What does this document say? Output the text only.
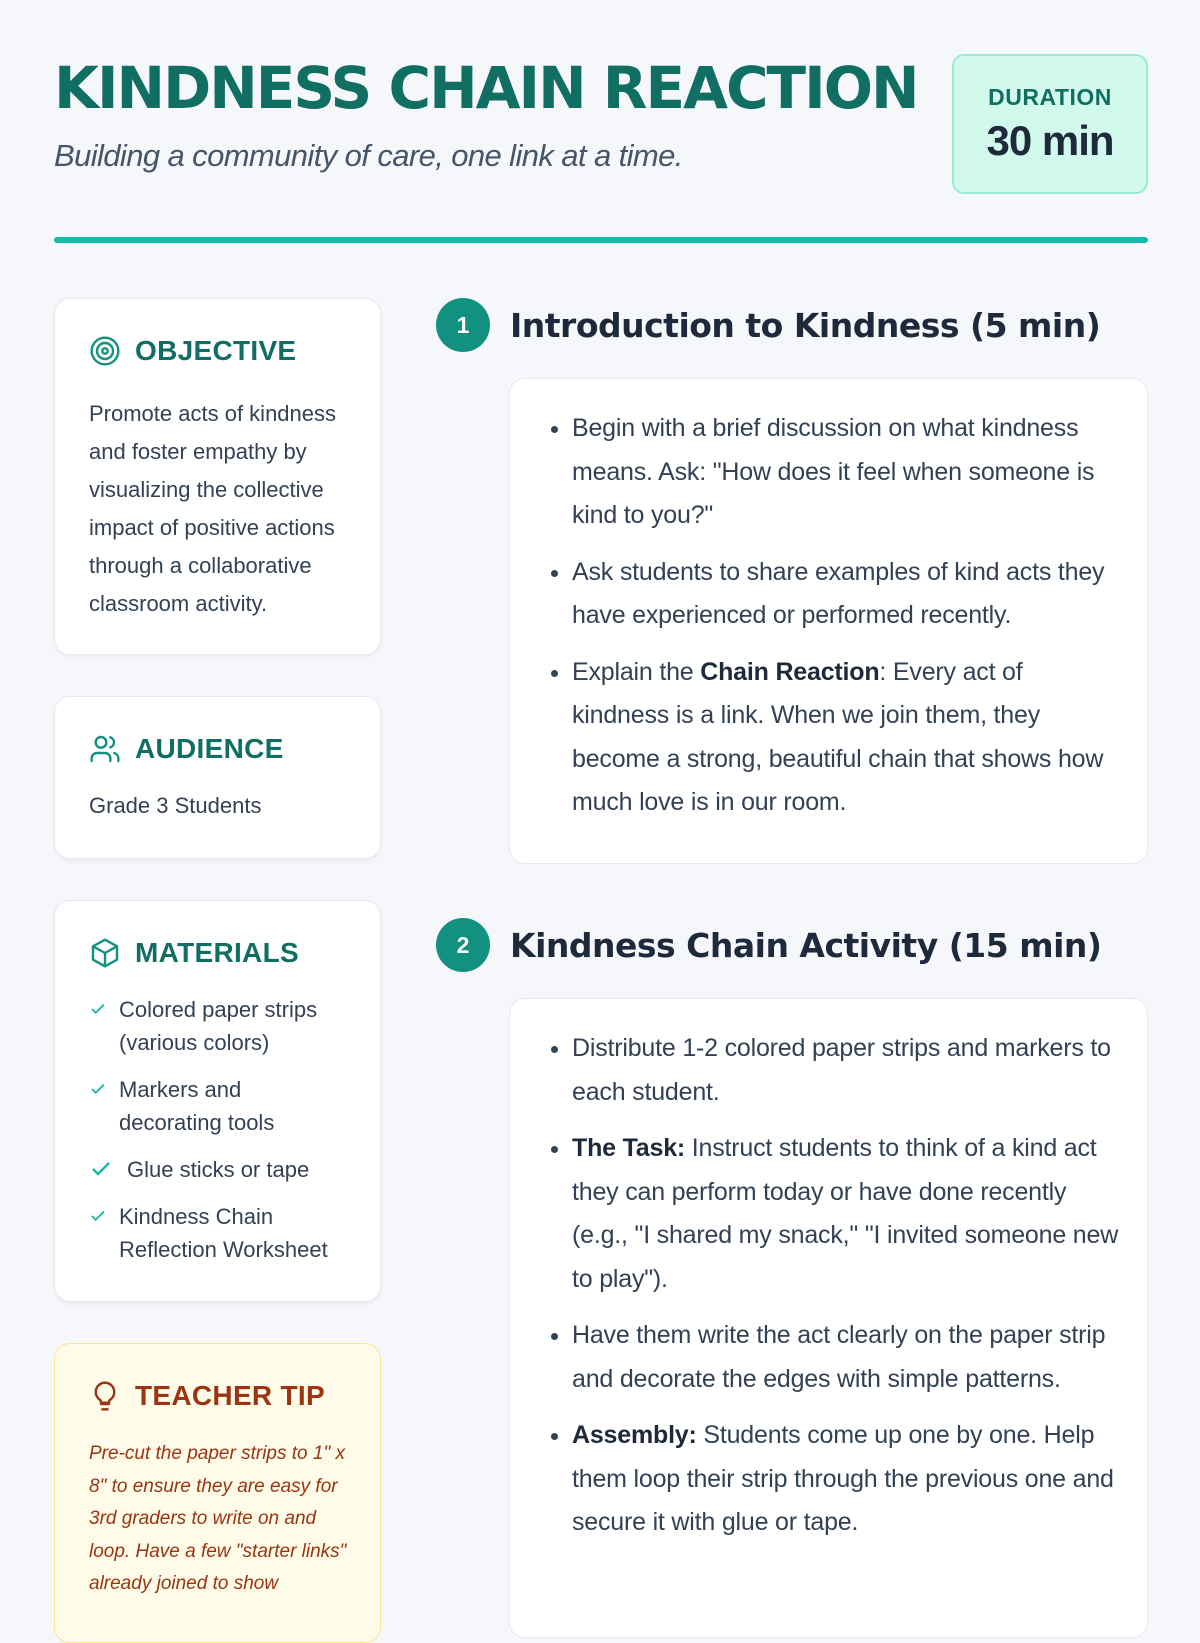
KINDNESS CHAIN REACTION
Building a community of care, one link at a time.
DURATION
30 min
OBJECTIVE
Promote acts of kindness and foster empathy by visualizing the collective impact of positive actions through a collaborative classroom activity.
AUDIENCE
Grade 3 Students
MATERIALS
Colored paper strips (various colors)
Markers and decorating tools
Glue sticks or tape
Kindness Chain Reflection Worksheet
TEACHER TIP
Pre-cut the paper strips to 1" x 8" to ensure they are easy for 3rd graders to write on and loop. Have a few "starter links" already joined to show
1	Introduction to Kindness (5 min)
• Begin with a brief discussion on what kindness means. Ask: "How does it feel when someone is kind to you?"
• Ask students to share examples of kind acts they have experienced or performed recently.
• Explain the Chain Reaction: Every act of kindness is a link. When we join them, they become a strong, beautiful chain that shows how much love is in our room.
2	Kindness Chain Activity (15 min)
• Distribute 1-2 colored paper strips and markers to each student.
• The Task: Instruct students to think of a kind act they can perform today or have done recently (e.g., "I shared my snack," "I invited someone new to play").
• Have them write the act clearly on the paper strip and decorate the edges with simple patterns.
• Assembly: Students come up one by one. Help them loop their strip through the previous one and secure it with glue or tape.
